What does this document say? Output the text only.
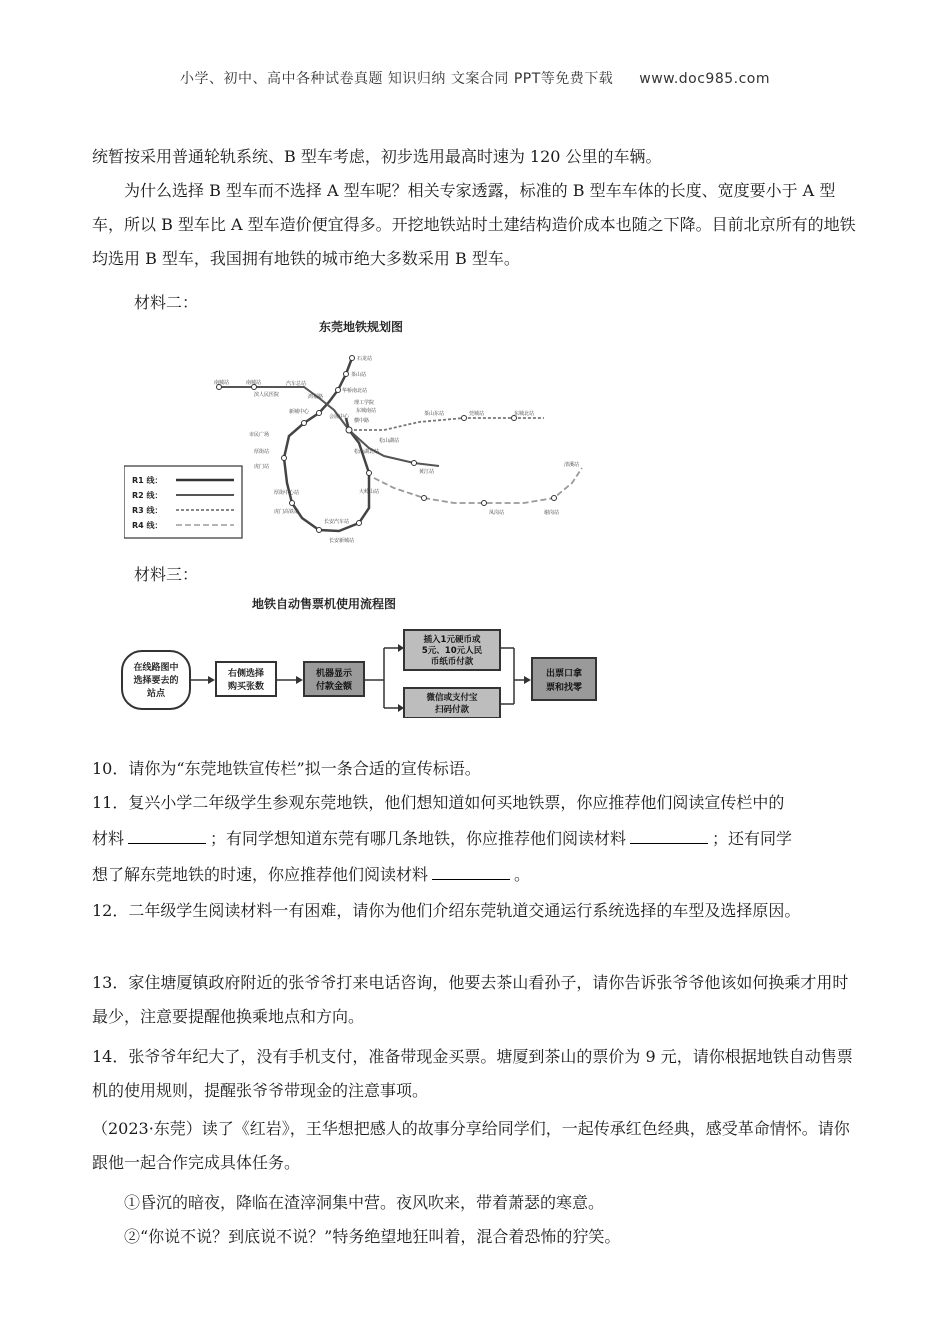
小学、初中、高中各种试卷真题 知识归纳 文案合同 PPT等免费下载 www.doc985.com
统暂按采用普通轮轨系统、B 型车考虑，初步选用最高时速为 120 公里的车辆。
为什么选择 B 型车而不选择 A 型车呢？相关专家透露，标准的 B 型车车体的长度、宽度要小于 A 型车，所以 B 型车比 A 型车造价便宜得多。开挖地铁站时土建结构造价成本也随之下降。目前北京所有的地铁均选用 B 型车，我国拥有地铁的城市绝大多数采用 B 型车。
材料二：
东莞地铁规划图
石龙站
茶山站
华桥南北站
理工学院
东城南站
横中路
汽车总站
南城站	南城站
滨人民医院	鸿福路
会展中心
新城中心
市民广场
茶山东站	莞城站	东城北站
黄江站
松山湖站
松山湖北站
大岭山站
虎门站
厚街站
凤岗站	谢岗站
清溪站
长安汽车站
长安新城站
虎门高铁站
厚街中心站
R1 线：
R2 线：
R3 线：
R4 线：
材料三：
地铁自动售票机使用流程图
在线路图中
选择要去的
站点
右侧选择
购买张数
机器显示
付款金额
插入1元硬币或
5元、10元人民
币纸币付款
微信或支付宝
扫码付款
出票口拿
票和找零
10．请你为“东莞地铁宣传栏”拟一条合适的宣传标语。
11．复兴小学二年级学生参观东莞地铁，他们想知道如何买地铁票，你应推荐他们阅读宣传栏中的
材料	；有同学想知道东莞有哪几条地铁，你应推荐他们阅读材料	；还有同学
想了解东莞地铁的时速，你应推荐他们阅读材料	。
12．二年级学生阅读材料一有困难，请你为他们介绍东莞轨道交通运行系统选择的车型及选择原因。
13．家住塘厦镇政府附近的张爷爷打来电话咨询，他要去茶山看孙子，请你告诉张爷爷他该如何换乘才用时最少，注意要提醒他换乘地点和方向。
14．张爷爷年纪大了，没有手机支付，准备带现金买票。塘厦到茶山的票价为 9 元，请你根据地铁自动售票机的使用规则，提醒张爷爷带现金的注意事项。
（2023·东莞）读了《红岩》，王华想把感人的故事分享给同学们，一起传承红色经典，感受革命情怀。请你跟他一起合作完成具体任务。
①昏沉的暗夜，降临在渣滓洞集中营。夜风吹来，带着萧瑟的寒意。
②“你说不说？到底说不说？”特务绝望地狂叫着，混合着恐怖的狞笑。
